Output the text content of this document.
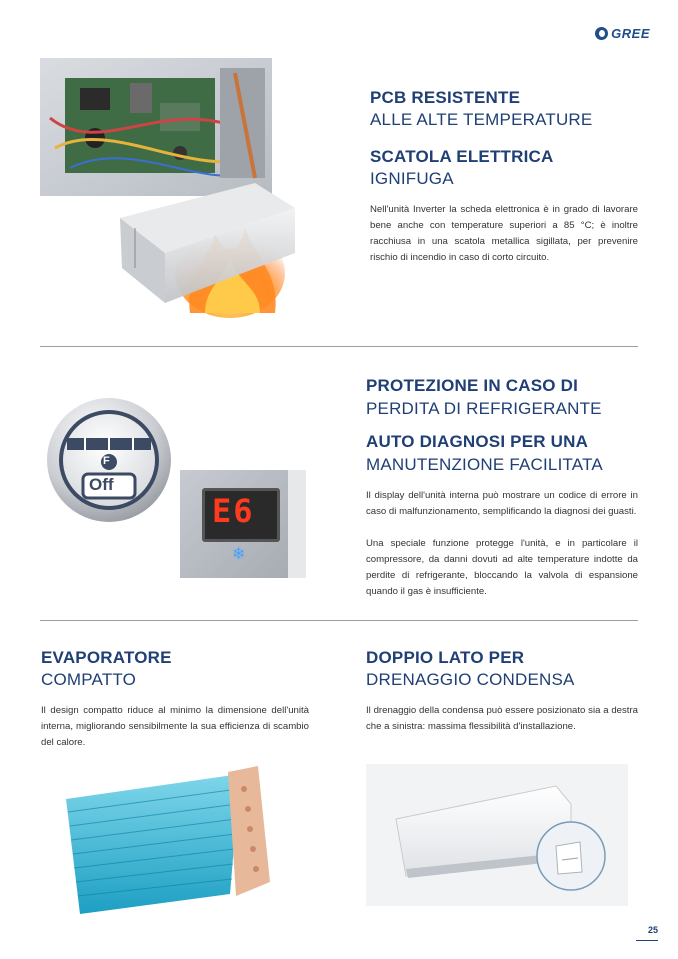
GREE
PCB RESISTENTE
ALLE ALTE TEMPERATURE
SCATOLA ELETTRICA
IGNIFUGA
Nell'unità Inverter la scheda elettronica è in grado di lavorare bene anche con temperature superiori a 85 °C; è inoltre racchiusa in una scatola metallica sigillata, per prevenire rischio di incendio in caso di corto circuito.
F
Off
E6
❄
PROTEZIONE IN CASO DI
PERDITA DI REFRIGERANTE
AUTO DIAGNOSI PER UNA
MANUTENZIONE FACILITATA
Il display dell'unità interna può mostrare un codice di errore in caso di malfunzionamento, semplificando la diagnosi dei guasti.
Una speciale funzione protegge l'unità, e in particolare il compressore, da danni dovuti ad alte temperature indotte da perdite di refrigerante, bloccando la valvola di espansione quando il gas è insufficiente.
EVAPORATORE
COMPATTO
Il design compatto riduce al minimo la dimensione dell'unità interna, migliorando sensibilmente la sua efficienza di scambio del calore.
DOPPIO LATO PER
DRENAGGIO CONDENSA
Il drenaggio della condensa può essere posizionato sia a destra che a sinistra: massima flessibilità d'installazione.
25
